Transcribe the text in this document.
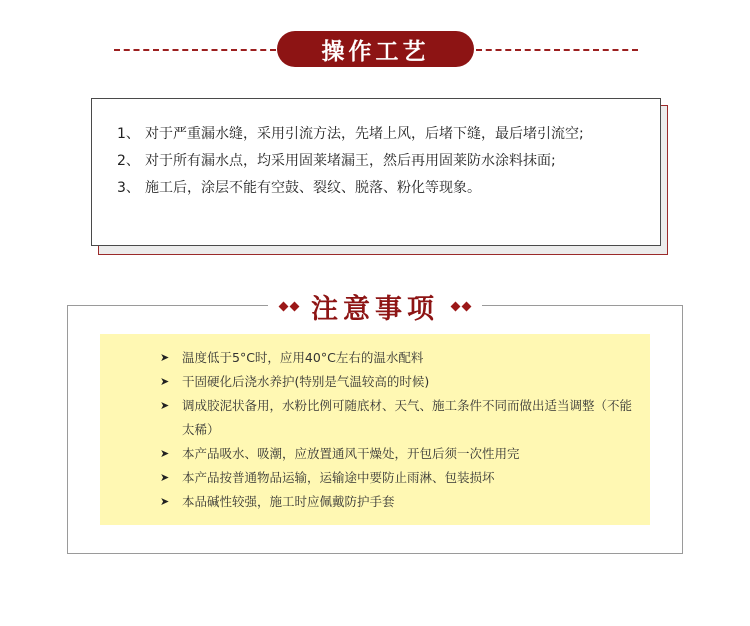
操作工艺
1、 对于严重漏水缝，采用引流方法，先堵上风，后堵下缝，最后堵引流空;
2、 对于所有漏水点，均采用固莱堵漏王，然后再用固莱防水涂料抹面;
3、 施工后，涂层不能有空鼓、裂纹、脱落、粉化等现象。
注意事项
➤	温度低于5°C时，应用40°C左右的温水配料
➤	干固硬化后浇水养护(特别是气温较高的时候)
➤	调成胶泥状备用，水粉比例可随底材、天气、施工条件不同而做出适当调整（不能太稀）
➤	本产品吸水、吸潮，应放置通风干燥处，开包后须一次性用完
➤	本产品按普通物品运输，运输途中要防止雨淋、包装损坏
➤	本品碱性较强，施工时应佩戴防护手套
